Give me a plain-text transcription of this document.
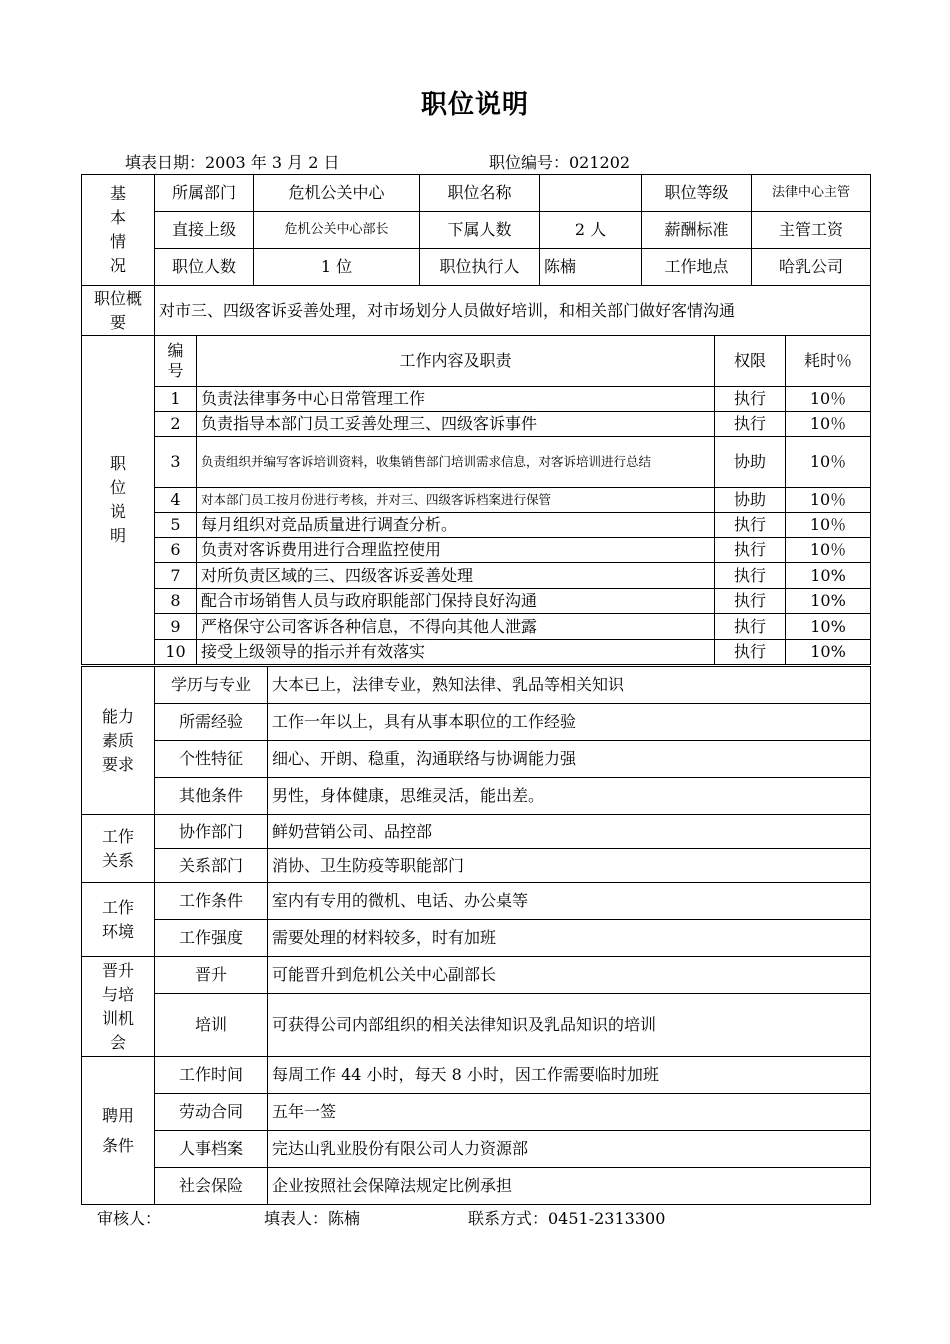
职位说明
填表日期：2003 年 3 月 2 日	职位编号：021202
基
本
情
况	所属部门	危机公关中心	职位名称		职位等级	法律中心主管
	直接上级	危机公关中心部长	下属人数	2 人	薪酬标准	主管工资
	职位人数	1 位	职位执行人	陈楠	工作地点	哈乳公司
职位概要	对市三、四级客诉妥善处理，对市场划分人员做好培训，和相关部门做好客情沟通			

职
位
说
明	编号	工作内容及职责	权限	耗时％
	1	负责法律事务中心日常管理工作	执行	10％
	2	负责指导本部门员工妥善处理三、四级客诉事件	执行	10％
	3	负责组织并编写客诉培训资料，收集销售部门培训需求信息，对客诉培训进行总结	协助	10％
	4	对本部门员工按月份进行考核，并对三、四级客诉档案进行保管	协助	10％
	5	每月组织对竞品质量进行调查分析。	执行	10％
	6	负责对客诉费用进行合理监控使用	执行	10％
	7	对所负责区域的三、四级客诉妥善处理	执行	10%
	8	配合市场销售人员与政府职能部门保持良好沟通	执行	10%
	9	严格保守公司客诉各种信息，不得向其他人泄露	执行	10%
	10	接受上级领导的指示并有效落实	执行	10%
能力
素质
要求	学历与专业	大本已上，法律专业，熟知法律、乳品等相关知识
	所需经验	工作一年以上，具有从事本职位的工作经验
	个性特征	细心、开朗、稳重，沟通联络与协调能力强
	其他条件	男性，身体健康，思维灵活，能出差。

工作
关系	协作部门	鲜奶营销公司、品控部
	关系部门	消协、卫生防疫等职能部门

工作
环境	工作条件	室内有专用的微机、电话、办公桌等
	工作强度	需要处理的材料较多，时有加班

晋升
与培
训机
会	晋升	可能晋升到危机公关中心副部长
	培训	可获得公司内部组织的相关法律知识及乳品知识的培训

聘用
条件	工作时间	每周工作 44 小时，每天 8 小时，因工作需要临时加班
	劳动合同	五年一签
	人事档案	完达山乳业股份有限公司人力资源部
	社会保险	企业按照社会保障法规定比例承担
审核人：	填表人：陈楠	联系方式：0451-2313300
